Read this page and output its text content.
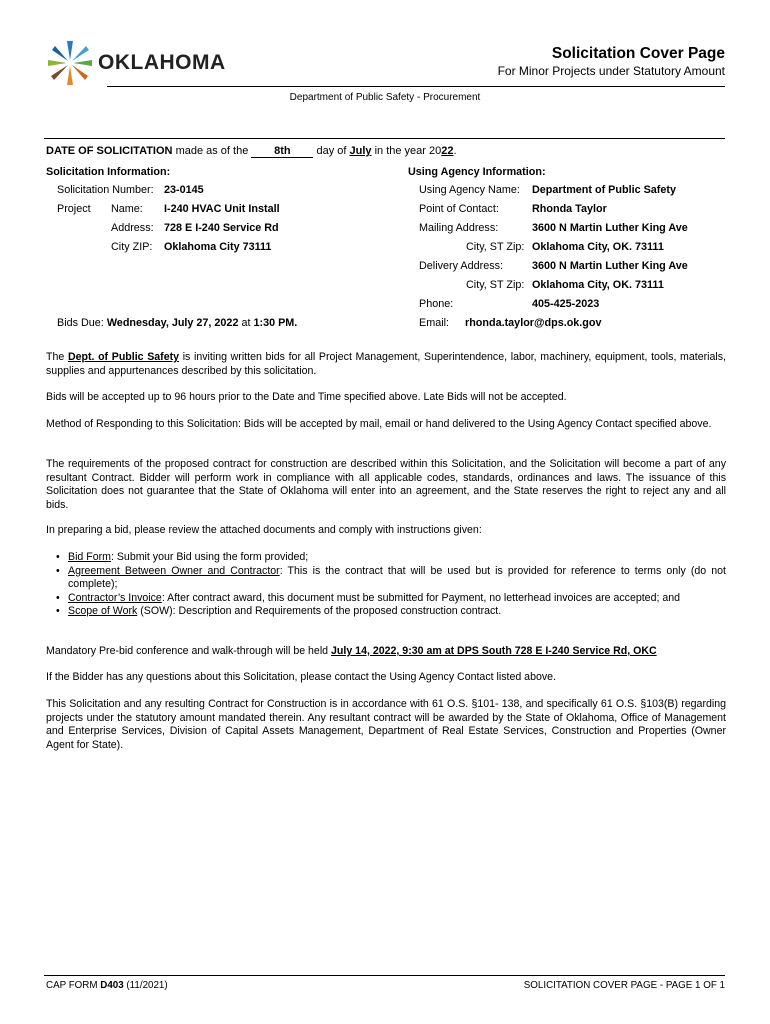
OKLAHOMA	Solicitation Cover Page
For Minor Projects under Statutory Amount
Department of Public Safety - Procurement
DATE OF SOLICITATION made as of the 8th day of July in the year 2022.
Solicitation Information:
Solicitation Number: 23-0145
Project Name: I-240 HVAC Unit Install
Address: 728 E I-240 Service Rd
City ZIP: Oklahoma City 73111
Bids Due: Wednesday, July 27, 2022 at 1:30 PM.
Using Agency Information:
Using Agency Name: Department of Public Safety
Point of Contact:	Rhonda Taylor
Mailing Address:	3600 N Martin Luther King Ave
City, ST Zip: Oklahoma City, OK. 73111
Delivery Address:	3600 N Martin Luther King Ave
City, ST Zip: Oklahoma City, OK. 73111
Phone:	405-425-2023
Email: rhonda.taylor@dps.ok.gov
The Dept. of Public Safety is inviting written bids for all Project Management, Superintendence, labor, machinery, equipment, tools, materials, supplies and appurtenances described by this solicitation.
Bids will be accepted up to 96 hours prior to the Date and Time specified above. Late Bids will not be accepted.
Method of Responding to this Solicitation: Bids will be accepted by mail, email or hand delivered to the Using Agency Contact specified above.
The requirements of the proposed contract for construction are described within this Solicitation, and the Solicitation will become a part of any resultant Contract. Bidder will perform work in compliance with all applicable codes, standards, ordinances and laws. The issuance of this Solicitation does not guarantee that the State of Oklahoma will enter into an agreement, and the State reserves the right to reject any and all bids.
In preparing a bid, please review the attached documents and comply with instructions given:
• Bid Form: Submit your Bid using the form provided;
• Agreement Between Owner and Contractor: This is the contract that will be used but is provided for reference to terms only (do not complete);
• Contractor’s Invoice: After contract award, this document must be submitted for Payment, no letterhead invoices are accepted; and
• Scope of Work (SOW): Description and Requirements of the proposed construction contract.
Mandatory Pre-bid conference and walk-through will be held July 14, 2022, 9:30 am at DPS South 728 E I-240 Service Rd, OKC
If the Bidder has any questions about this Solicitation, please contact the Using Agency Contact listed above.
This Solicitation and any resulting Contract for Construction is in accordance with 61 O.S. §101- 138, and specifically 61 O.S. §103(B) regarding projects under the statutory amount mandated therein. Any resultant contract will be awarded by the State of Oklahoma, Office of Management and Enterprise Services, Division of Capital Assets Management, Department of Real Estate Services, Construction and Properties (Owner Agent for State).
CAP FORM D403 (11/2021)	SOLICITATION COVER PAGE - PAGE 1 OF 1
